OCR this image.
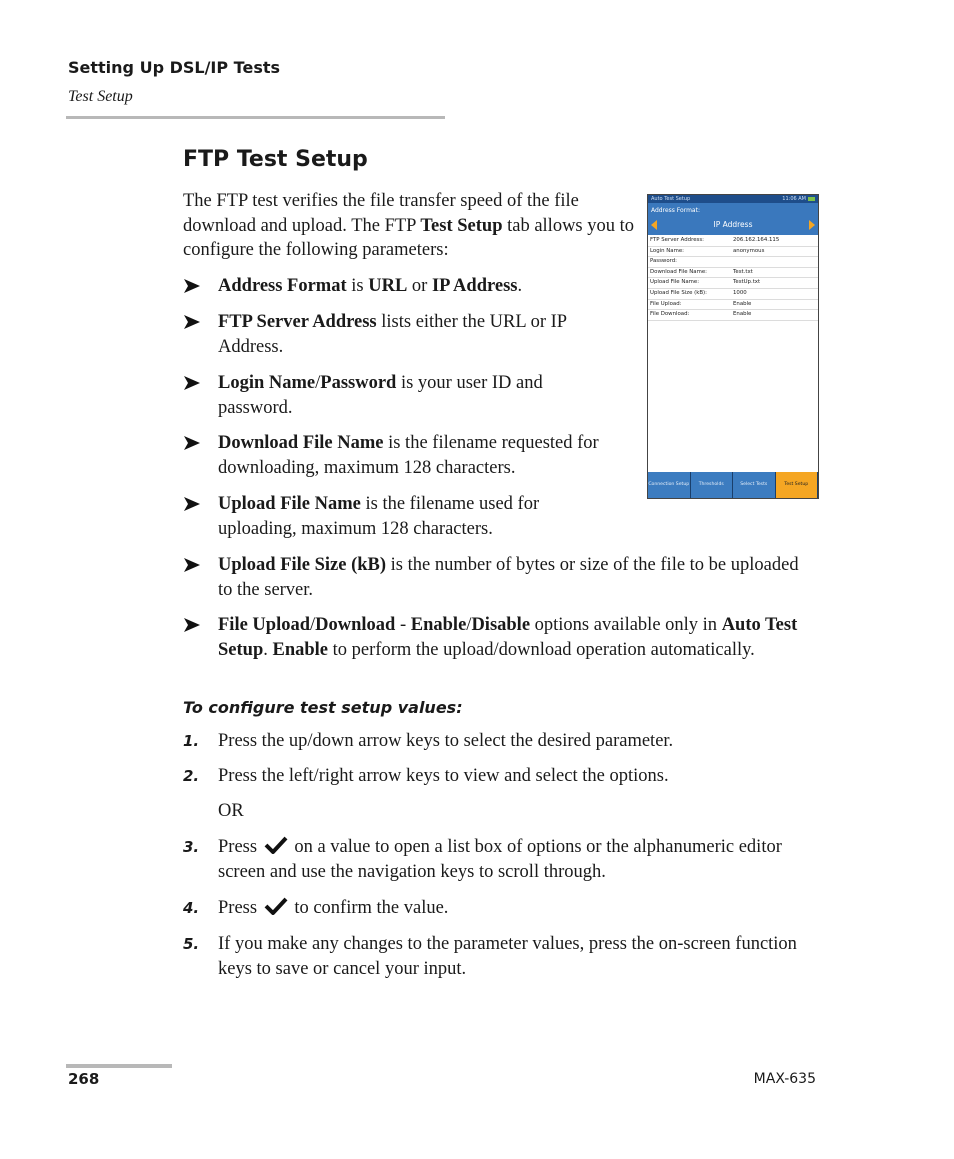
Setting Up DSL/IP Tests
Test Setup
FTP Test Setup
The FTP test verifies the file transfer speed of the file download and upload. The FTP Test Setup tab allows you to configure the following parameters:
Auto Test Setup	11:06 AM
Address Format:
IP Address
FTP Server Address:	206.162.164.115
Login Name:	anonymous
Password:
Download File Name:	Test.txt
Upload File Name:	TestUp.txt
Upload File Size (kB):	1000
File Upload:	Enable
File Download:	Enable
Connection Setup	Thresholds	Select Tests	Test Setup
Address Format is URL or IP Address.
FTP Server Address lists either the URL or IP Address.
Login Name/Password is your user ID and password.
Download File Name is the filename requested for downloading, maximum 128 characters.
Upload File Name is the filename used for uploading, maximum 128 characters.
Upload File Size (kB) is the number of bytes or size of the file to be uploaded to the server.
File Upload/Download - Enable/Disable options available only in Auto Test Setup. Enable to perform the upload/download operation automatically.
To configure test setup values:
1. Press the up/down arrow keys to select the desired parameter.
2. Press the left/right arrow keys to view and select the options.
OR
3. Press on a value to open a list box of options or the alphanumeric editor screen and use the navigation keys to scroll through.
4. Press to confirm the value.
5. If you make any changes to the parameter values, press the on-screen function keys to save or cancel your input.
268	MAX-635
